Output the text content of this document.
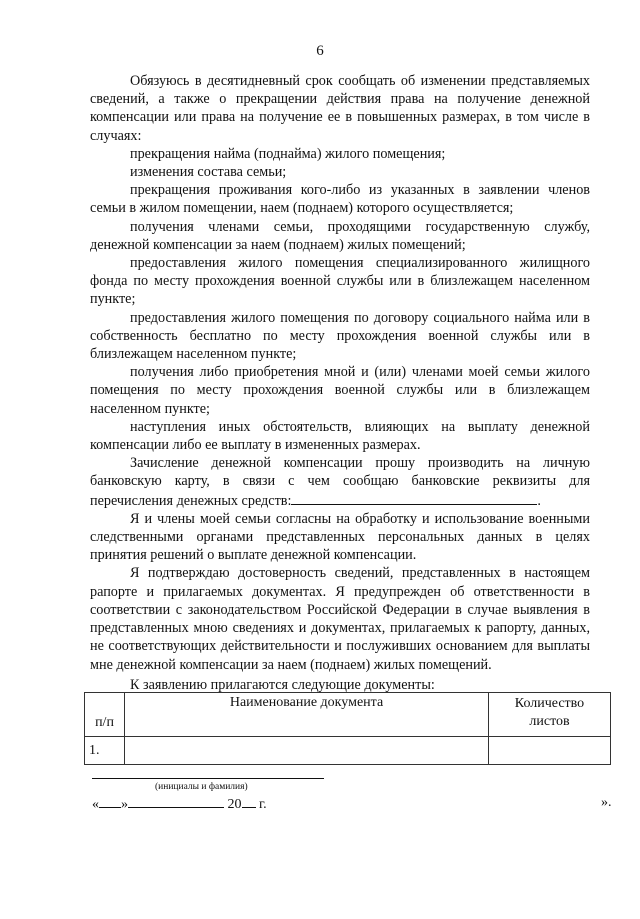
6

Обязуюсь в десятидневный срок сообщать об изменении представляемых сведений, а также о прекращении действия права на получение денежной компенсации или права на получение ее в повышенных размерах, в том числе в случаях:

прекращения найма (поднайма) жилого помещения;

изменения состава семьи;

прекращения проживания кого-либо из указанных в заявлении членов семьи в жилом помещении, наем (поднаем) которого осуществляется;

получения членами семьи, проходящими государственную службу, денежной компенсации за наем (поднаем) жилых помещений;

предоставления жилого помещения специализированного жилищного фонда по месту прохождения военной службы или в близлежащем населенном пункте;

предоставления жилого помещения по договору социального найма или в собственность бесплатно по месту прохождения военной службы или в близлежащем населенном пункте;

получения либо приобретения мной и (или) членами моей семьи жилого помещения по месту прохождения военной службы или в близлежащем населенном пункте;

наступления иных обстоятельств, влияющих на выплату денежной компенсации либо ее выплату в измененных размерах.

Зачисление денежной компенсации прошу производить на личную банковскую карту, в связи с чем сообщаю банковские реквизиты для перечисления денежных средств:	.

Я и члены моей семьи согласны на обработку и использование военными следственными органами представленных персональных данных в целях принятия решений о выплате денежной компенсации.

Я подтверждаю достоверность сведений, представленных в настоящем рапорте и прилагаемых документах. Я предупрежден об ответственности в соответствии с законодательством Российской Федерации в случае выявления в представленных мною сведениях и документах, прилагаемых к рапорту, данных, не соответствующих действительности и послуживших основанием для выплаты мне денежной компенсации за наем (поднаем) жилых помещений.

К заявлению прилагаются следующие документы:

п/п	Наименование документа	Количество листов
1.		
(инициалы и фамилия)
« »	20 г.	».
